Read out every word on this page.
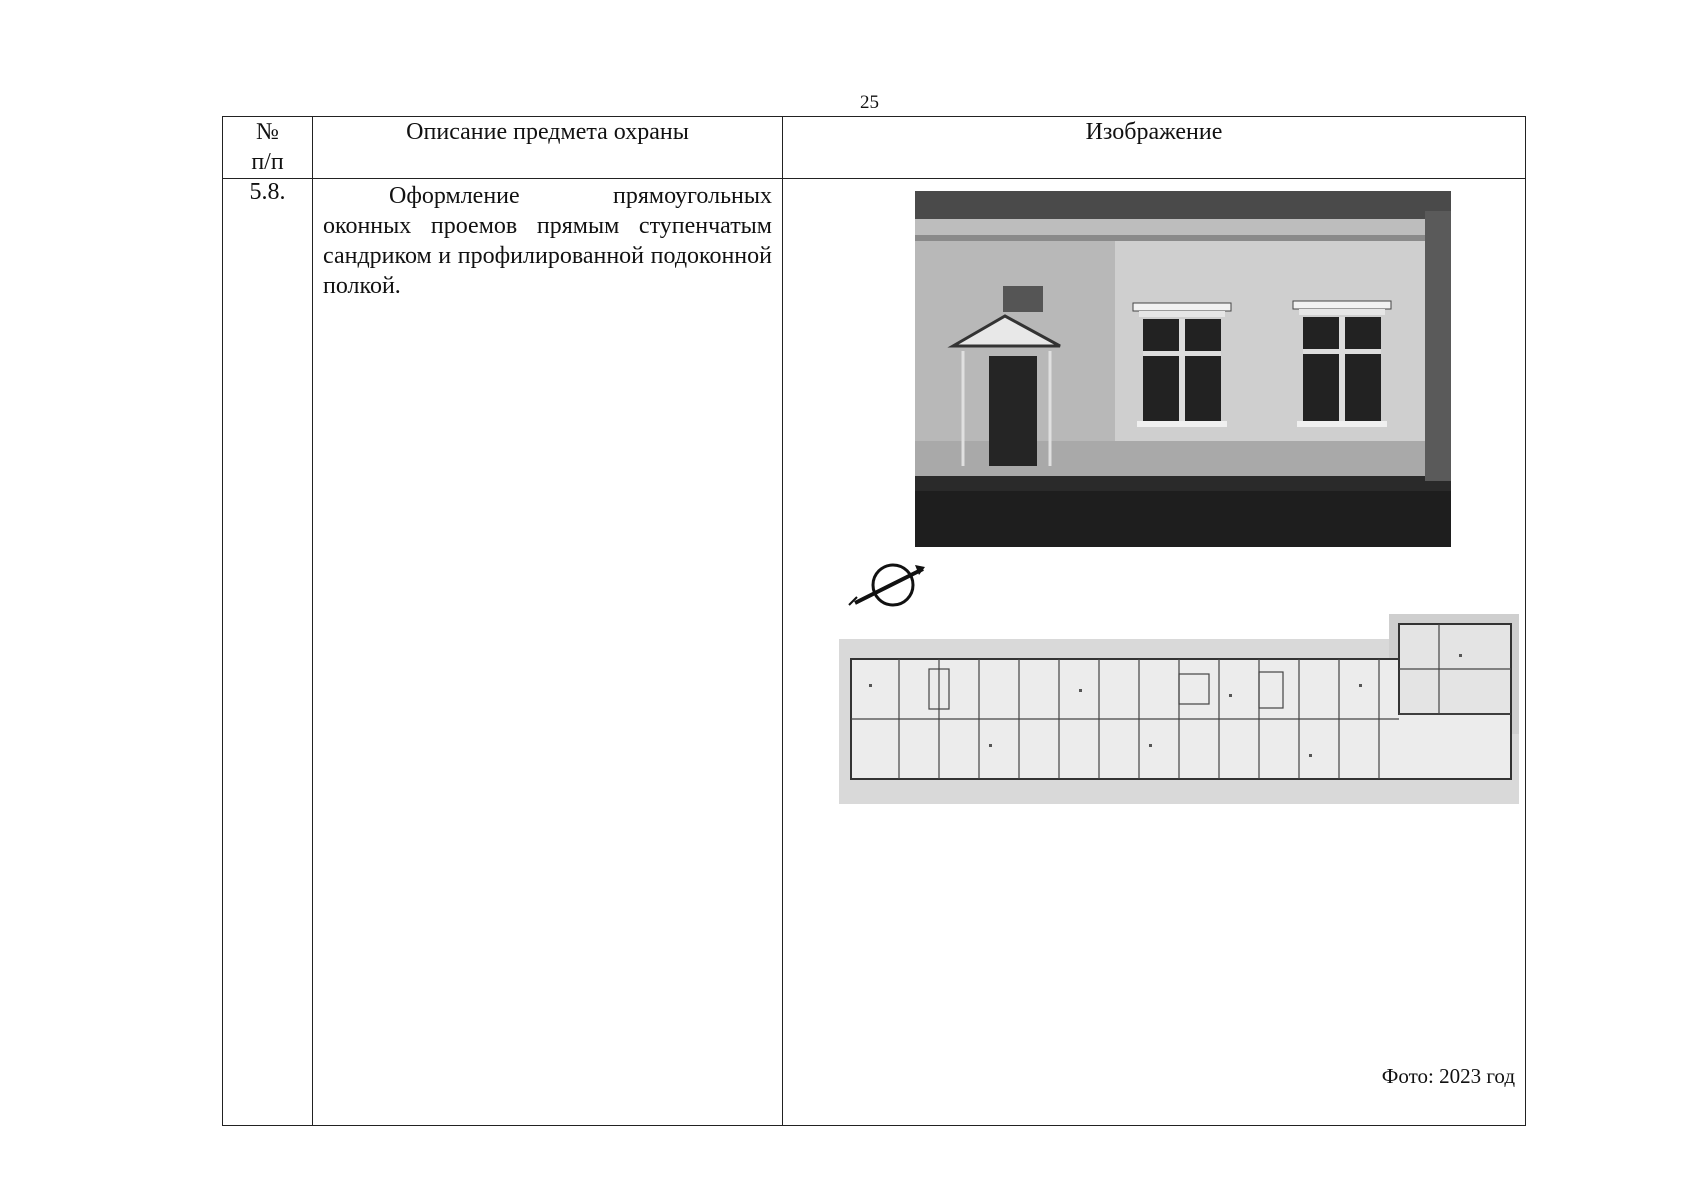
25
№
п/п	Описание предмета охраны	Изображение
5.8.	Оформление прямоугольных оконных проемов прямым ступенчатым сандриком и профилированной подоконной полкой.	Фото: 2023 год
